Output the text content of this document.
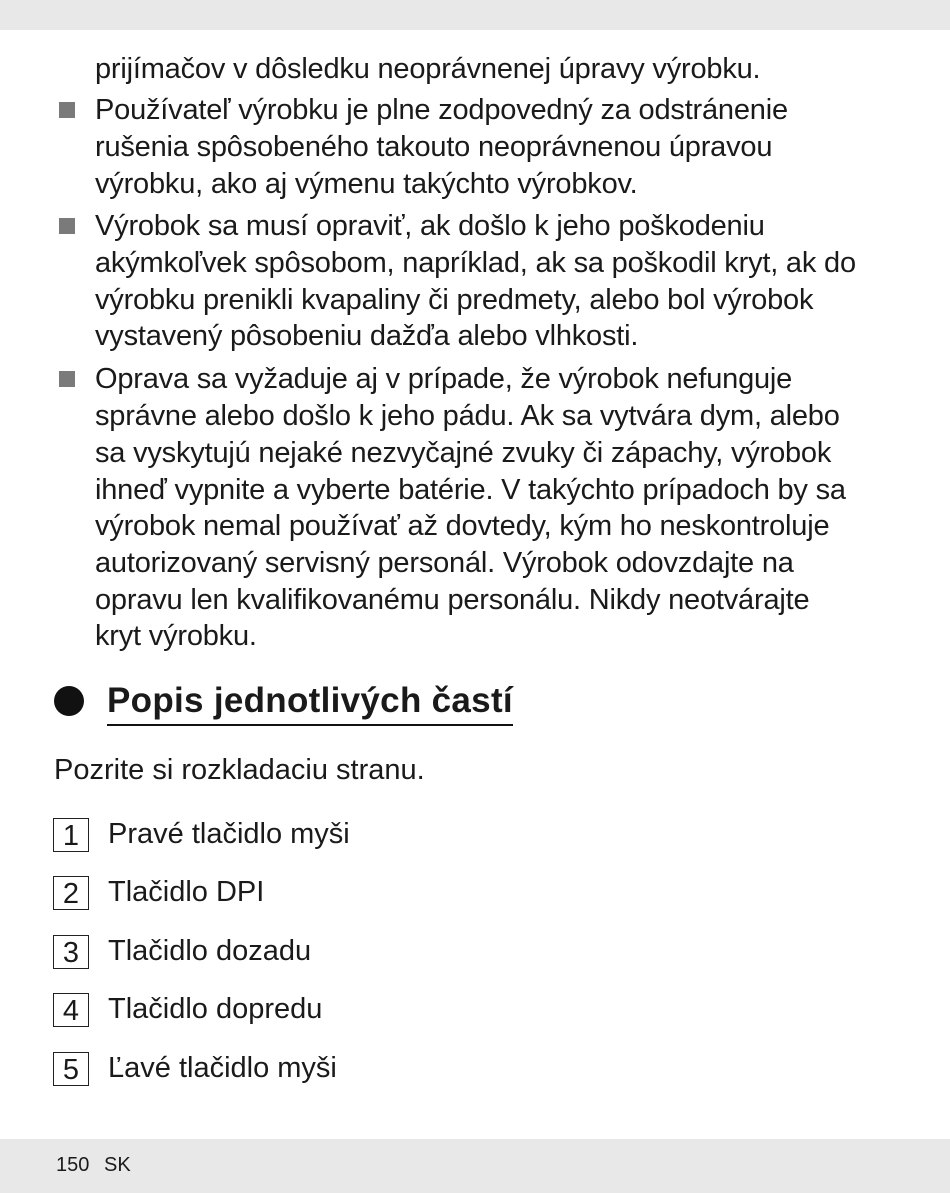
prijímačov v dôsledku neoprávnenej úpravy výrobku.
Používateľ výrobku je plne zodpovedný za odstránenie
rušenia spôsobeného takouto neoprávnenou úpravou
výrobku, ako aj výmenu takýchto výrobkov.
Výrobok sa musí opraviť, ak došlo k jeho poškodeniu
akýmkoľvek spôsobom, napríklad, ak sa poškodil kryt, ak do
výrobku prenikli kvapaliny či predmety, alebo bol výrobok
vystavený pôsobeniu dažďa alebo vlhkosti.
Oprava sa vyžaduje aj v prípade, že výrobok nefunguje
správne alebo došlo k jeho pádu. Ak sa vytvára dym, alebo
sa vyskytujú nejaké nezvyčajné zvuky či zápachy, výrobok
ihneď vypnite a vyberte batérie. V takýchto prípadoch by sa
výrobok nemal používať až dovtedy, kým ho neskontroluje
autorizovaný servisný personál. Výrobok odovzdajte na
opravu len kvalifikovanému personálu. Nikdy neotvárajte
kryt výrobku.
Popis jednotlivých častí
Pozrite si rozkladaciu stranu.
1 Pravé tlačidlo myši
2 Tlačidlo DPI
3 Tlačidlo dozadu
4 Tlačidlo dopredu
5 Ľavé tlačidlo myši
150 SK
